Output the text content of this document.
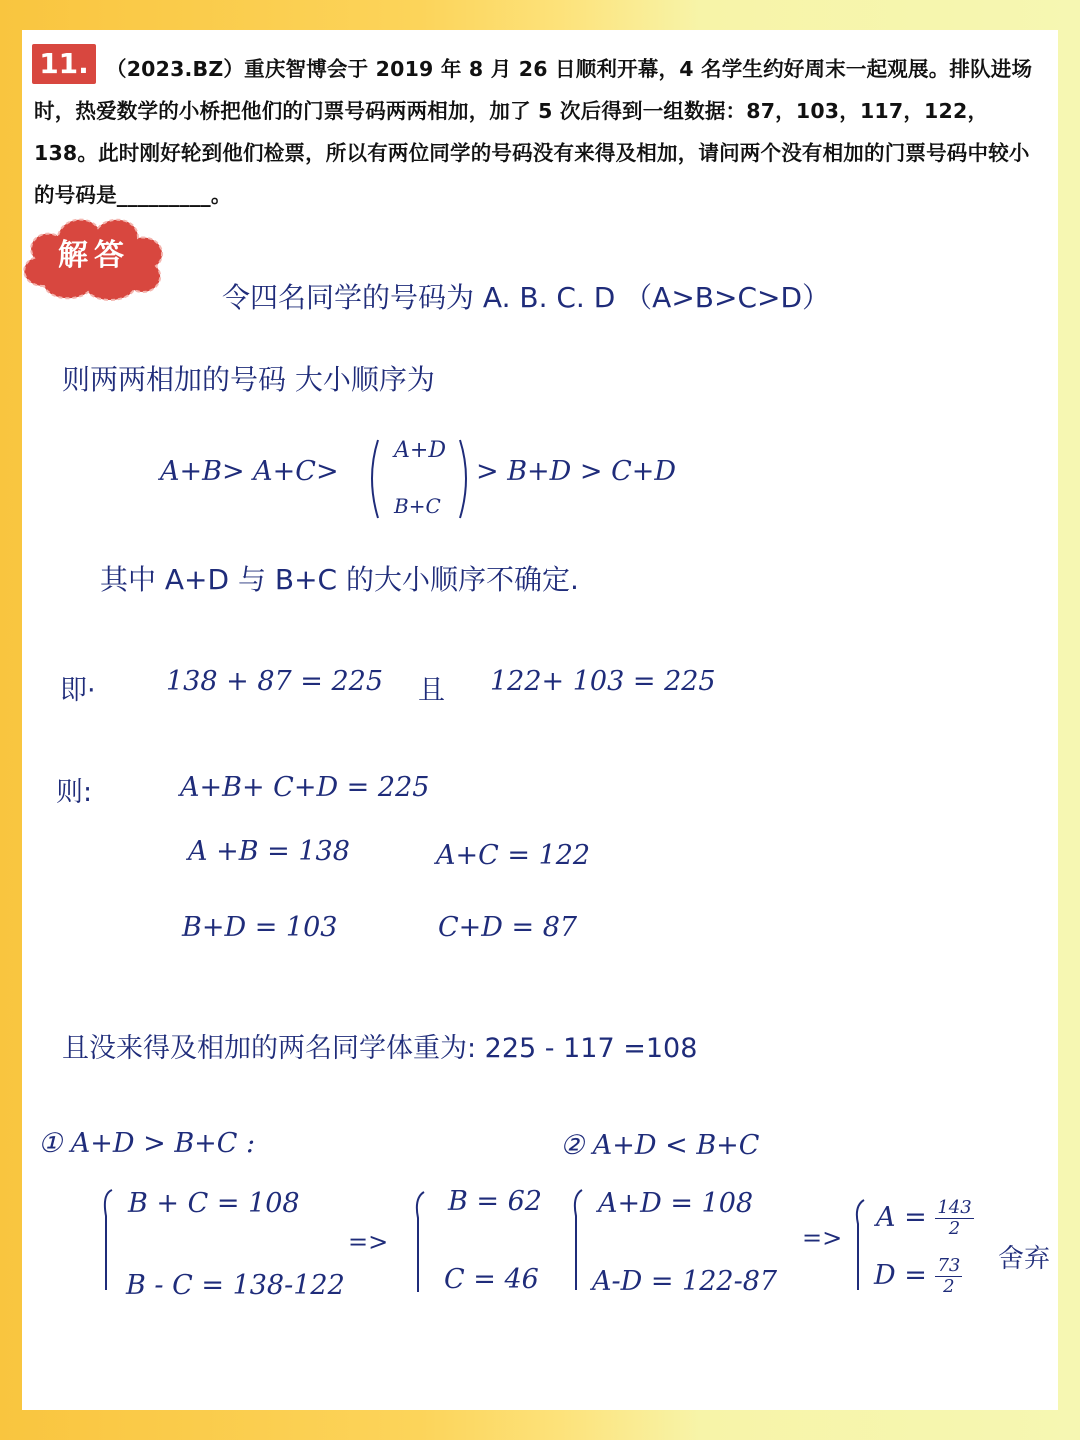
（2023.BZ）重庆智博会于 2019 年 8 月 26 日顺利开幕，4 名学生约好周末一起观展。排队进场时，热爱数学的小桥把他们的门票号码两两相加，加了 5 次后得到一组数据：87，103，117，122，138。此时刚好轮到他们检票，所以有两位同学的号码没有来得及相加，请问两个没有相加的门票号码中较小的号码是_________。
11.
解答
令四名同学的号码为 A. B. C. D （A>B>C>D）
则两两相加的号码 大小顺序为
A+B> A+C>
A+D
B+C
> B+D > C+D
其中 A+D 与 B+C 的大小顺序不确定.
即·	138 + 87 = 225 且 122+ 103 = 225
则:	A+B+ C+D = 225
A +B = 138	A+C = 122
B+D = 103	C+D = 87
且没来得及相加的两名同学体重为: 225 - 117 =108
① A+D > B+C :	② A+D < B+C
B + C = 108
B - C = 138-122
=>
B = 62
C = 46
A+D = 108
A-D = 122-87
=>
$A = \frac{143}{2}$
$D = \frac{73}{2}$ 舍弃
